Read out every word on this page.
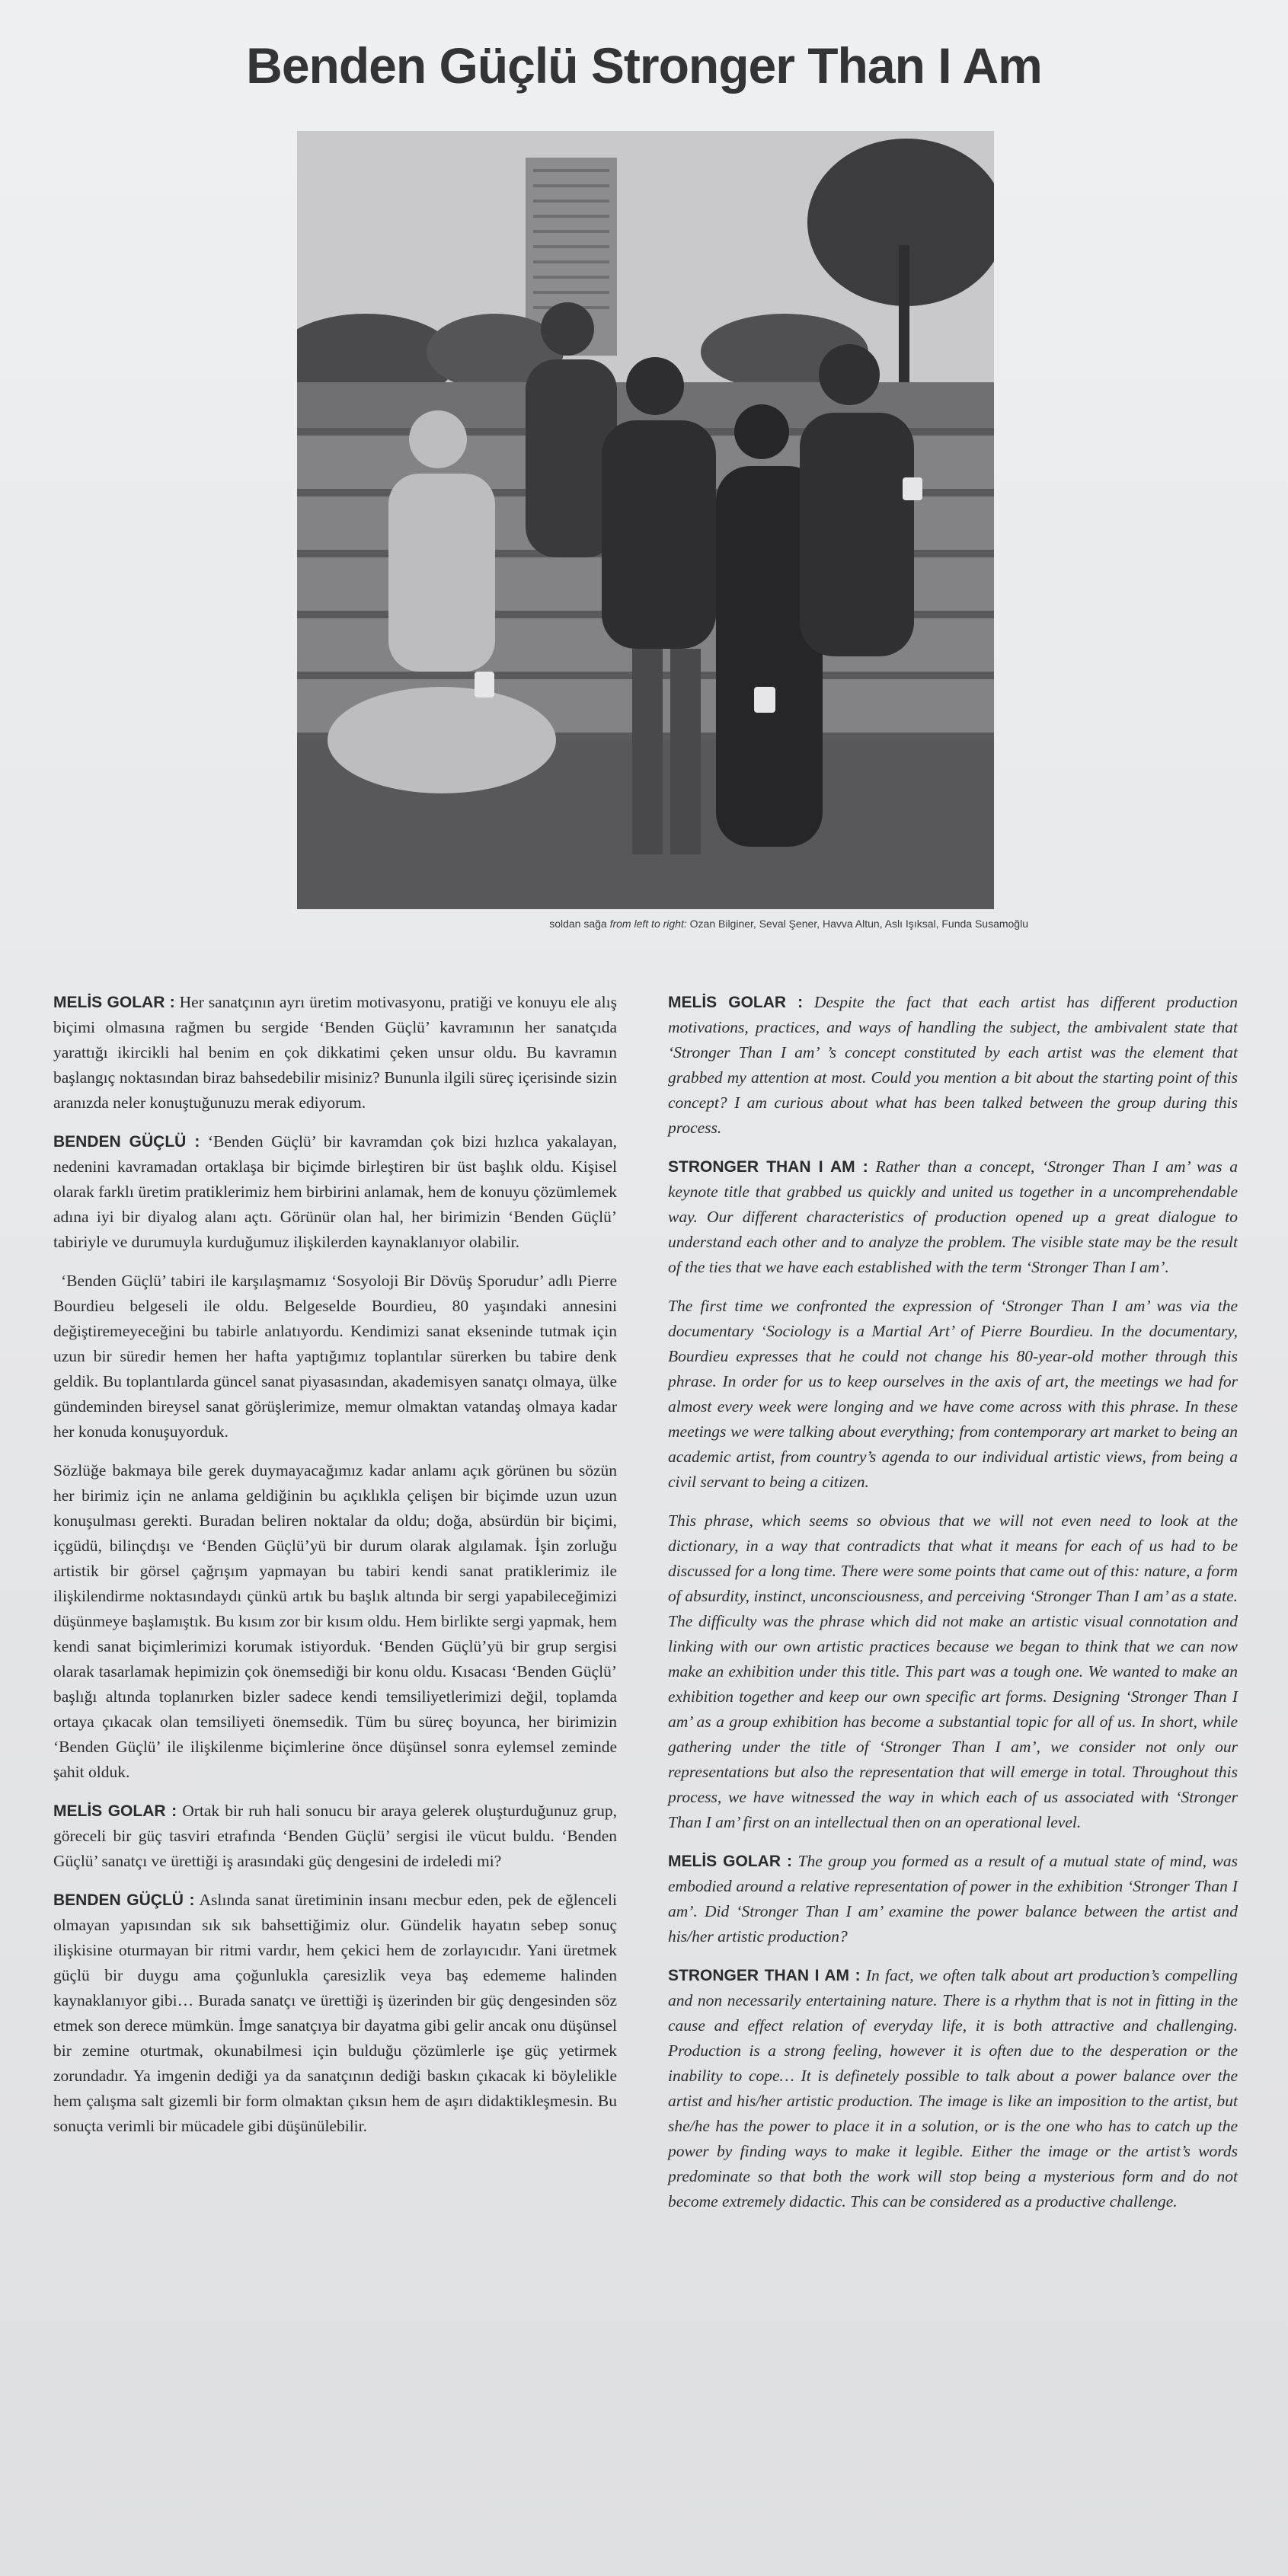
Benden Güçlü Stronger Than I Am
soldan sağa from left to right: Ozan Bilginer, Seval Şener, Havva Altun, Aslı Işıksal, Funda Susamoğlu

MELİS GOLAR : Her sanatçının ayrı üretim motivasyonu, pratiği ve konuyu ele alış biçimi olmasına rağmen bu sergide ‘Benden Güçlü’ kavramının her sanatçıda yarattığı ikircikli hal benim en çok dikkatimi çeken unsur oldu. Bu kavramın başlangıç noktasından biraz bahsedebilir misiniz? Bununla ilgili süreç içerisinde sizin aranızda neler konuştuğunuzu merak ediyorum.

BENDEN GÜÇLÜ : ‘Benden Güçlü’ bir kavramdan çok bizi hızlıca yakalayan, nedenini kavramadan ortaklaşa bir biçimde birleştiren bir üst başlık oldu. Kişisel olarak farklı üretim pratiklerimiz hem birbirini anlamak, hem de konuyu çözümlemek adına iyi bir diyalog alanı açtı. Görünür olan hal, her birimizin ‘Benden Güçlü’ tabiriyle ve durumuyla kurduğumuz ilişkilerden kaynaklanıyor olabilir.

‘Benden Güçlü’ tabiri ile karşılaşmamız ‘Sosyoloji Bir Dövüş Sporudur’ adlı Pierre Bourdieu belgeseli ile oldu. Belgeselde Bourdieu, 80 yaşındaki annesini değiştiremeyeceğini bu tabirle anlatıyordu. Kendimizi sanat ekseninde tutmak için uzun bir süredir hemen her hafta yaptığımız toplantılar sürerken bu tabire denk geldik. Bu toplantılarda güncel sanat piyasasından, akademisyen sanatçı olmaya, ülke gündeminden bireysel sanat görüşlerimize, memur olmaktan vatandaş olmaya kadar her konuda konuşuyorduk.

Sözlüğe bakmaya bile gerek duymayacağımız kadar anlamı açık görünen bu sözün her birimiz için ne anlama geldiğinin bu açıklıkla çelişen bir biçimde uzun uzun konuşulması gerekti. Buradan beliren noktalar da oldu; doğa, absürdün bir biçimi, içgüdü, bilinçdışı ve ‘Benden Güçlü’yü bir durum olarak algılamak. İşin zorluğu artistik bir görsel çağrışım yapmayan bu tabiri kendi sanat pratiklerimiz ile ilişkilendirme noktasındaydı çünkü artık bu başlık altında bir sergi yapabileceğimizi düşünmeye başlamıştık. Bu kısım zor bir kısım oldu. Hem birlikte sergi yapmak, hem kendi sanat biçimlerimizi korumak istiyorduk. ‘Benden Güçlü’yü bir grup sergisi olarak tasarlamak hepimizin çok önemsediği bir konu oldu. Kısacası ‘Benden Güçlü’ başlığı altında toplanırken bizler sadece kendi temsiliyetlerimizi değil, toplamda ortaya çıkacak olan temsiliyeti önemsedik. Tüm bu süreç boyunca, her birimizin ‘Benden Güçlü’ ile ilişkilenme biçimlerine önce düşünsel sonra eylemsel zeminde şahit olduk.

MELİS GOLAR : Ortak bir ruh hali sonucu bir araya gelerek oluşturduğunuz grup, göreceli bir güç tasviri etrafında ‘Benden Güçlü’ sergisi ile vücut buldu. ‘Benden Güçlü’ sanatçı ve ürettiği iş arasındaki güç dengesini de irdeledi mi?

BENDEN GÜÇLÜ : Aslında sanat üretiminin insanı mecbur eden, pek de eğlenceli olmayan yapısından sık sık bahsettiğimiz olur. Gündelik hayatın sebep sonuç ilişkisine oturmayan bir ritmi vardır, hem çekici hem de zorlayıcıdır. Yani üretmek güçlü bir duygu ama çoğunlukla çaresizlik veya baş edememe halinden kaynaklanıyor gibi… Burada sanatçı ve ürettiği iş üzerinden bir güç dengesinden söz etmek son derece mümkün. İmge sanatçıya bir dayatma gibi gelir ancak onu düşünsel bir zemine oturtmak, okunabilmesi için bulduğu çözümlerle işe güç yetirmek zorundadır. Ya imgenin dediği ya da sanatçının dediği baskın çıkacak ki böylelikle hem çalışma salt gizemli bir form olmaktan çıksın hem de aşırı didaktikleşmesin. Bu sonuçta verimli bir mücadele gibi düşünülebilir.

MELİS GOLAR : Despite the fact that each artist has different production motivations, practices, and ways of handling the subject, the ambivalent state that ‘Stronger Than I am’ ’s concept constituted by each artist was the element that grabbed my attention at most. Could you mention a bit about the starting point of this concept? I am curious about what has been talked between the group during this process.

STRONGER THAN I AM : Rather than a concept, ‘Stronger Than I am’ was a keynote title that grabbed us quickly and united us together in a uncomprehendable way. Our different characteristics of production opened up a great dialogue to understand each other and to analyze the problem. The visible state may be the result of the ties that we have each established with the term ‘Stronger Than I am’.

The first time we confronted the expression of ‘Stronger Than I am’ was via the documentary ‘Sociology is a Martial Art’ of Pierre Bourdieu. In the documentary, Bourdieu expresses that he could not change his 80-year-old mother through this phrase. In order for us to keep ourselves in the axis of art, the meetings we had for almost every week were longing and we have come across with this phrase. In these meetings we were talking about everything; from contemporary art market to being an academic artist, from country’s agenda to our individual artistic views, from being a civil servant to being a citizen.

This phrase, which seems so obvious that we will not even need to look at the dictionary, in a way that contradicts that what it means for each of us had to be discussed for a long time. There were some points that came out of this: nature, a form of absurdity, instinct, unconsciousness, and perceiving ‘Stronger Than I am’ as a state. The difficulty was the phrase which did not make an artistic visual connotation and linking with our own artistic practices because we began to think that we can now make an exhibition under this title. This part was a tough one. We wanted to make an exhibition together and keep our own specific art forms. Designing ‘Stronger Than I am’ as a group exhibition has become a substantial topic for all of us. In short, while gathering under the title of ‘Stronger Than I am’, we consider not only our representations but also the representation that will emerge in total. Throughout this process, we have witnessed the way in which each of us associated with ‘Stronger Than I am’ first on an intellectual then on an operational level.

MELİS GOLAR : The group you formed as a result of a mutual state of mind, was embodied around a relative representation of power in the exhibition ‘Stronger Than I am’. Did ‘Stronger Than I am’ examine the power balance between the artist and his/her artistic production?

STRONGER THAN I AM : In fact, we often talk about art production’s compelling and non necessarily entertaining nature. There is a rhythm that is not in fitting in the cause and effect relation of everyday life, it is both attractive and challenging. Production is a strong feeling, however it is often due to the desperation or the inability to cope… It is definetely possible to talk about a power balance over the artist and his/her artistic production. The image is like an imposition to the artist, but she/he has the power to place it in a solution, or is the one who has to catch up the power by finding ways to make it legible. Either the image or the artist’s words predominate so that both the work will stop being a mysterious form and do not become extremely didactic. This can be considered as a productive challenge.
